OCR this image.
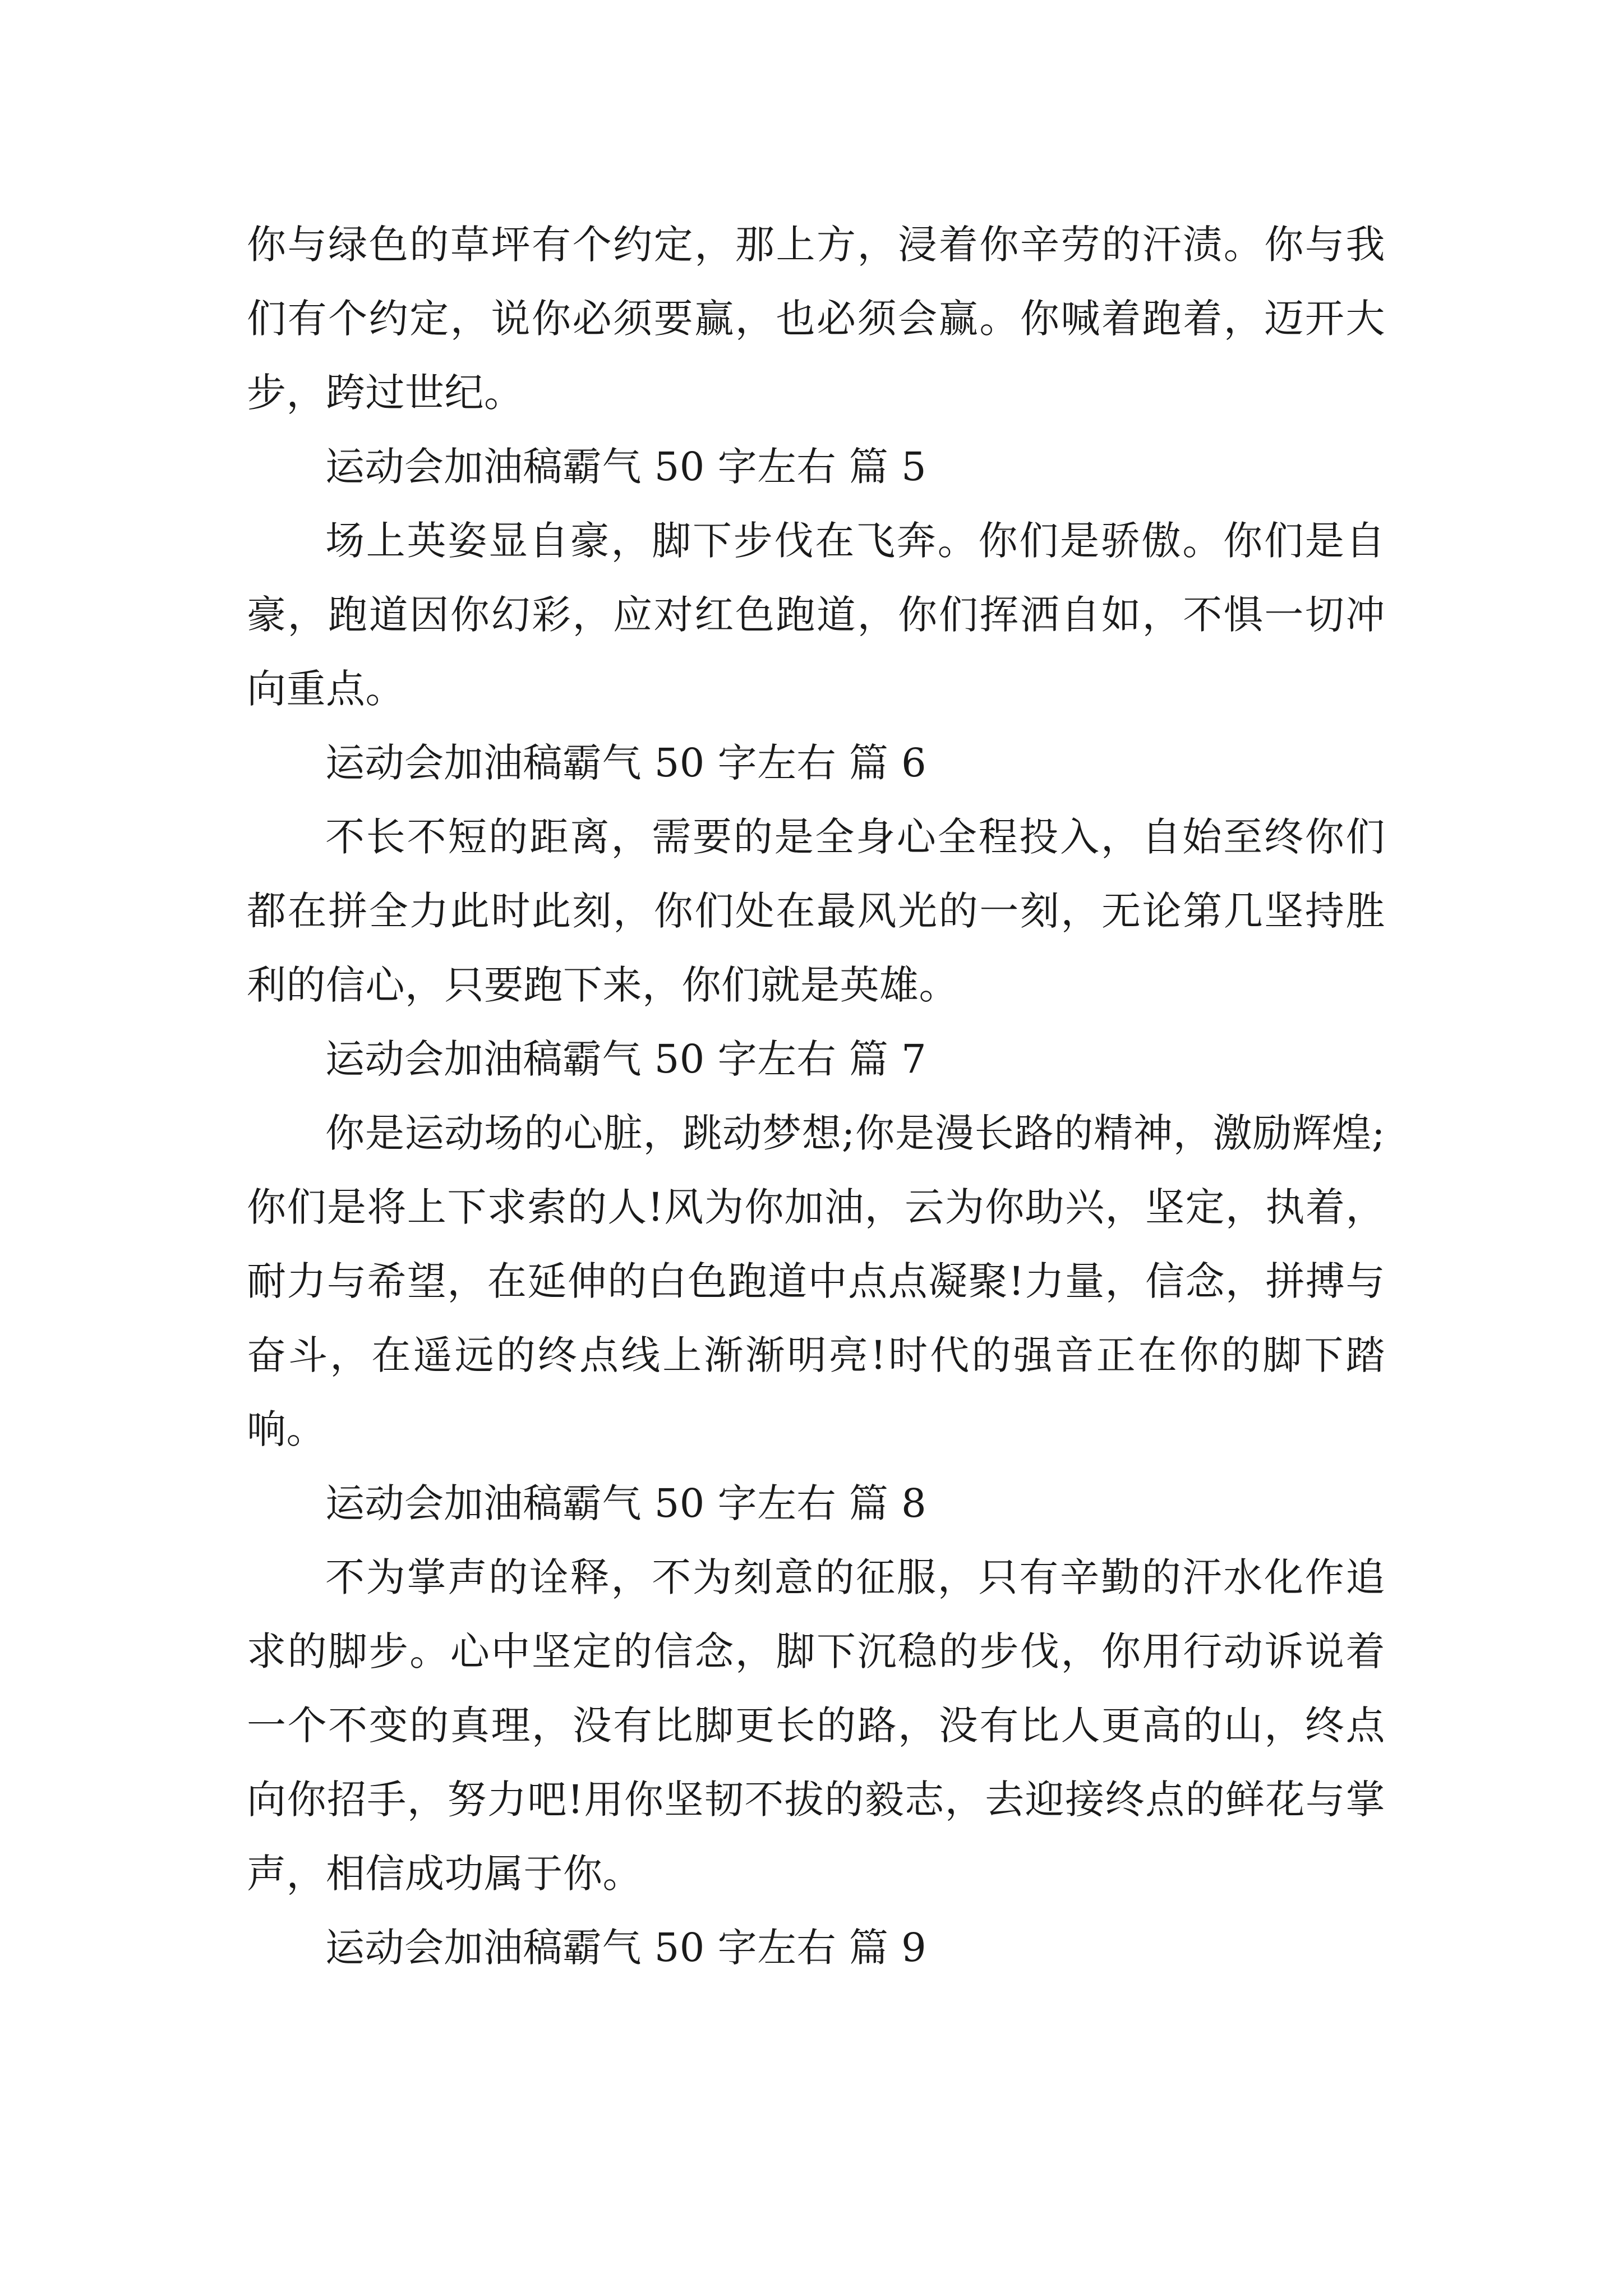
你与绿色的草坪有个约定，那上方，浸着你辛劳的汗渍。你与我们有个约定，说你必须要赢，也必须会赢。你喊着跑着，迈开大步，跨过世纪。

运动会加油稿霸气 50 字左右 篇 5

场上英姿显自豪，脚下步伐在飞奔。你们是骄傲。你们是自豪，跑道因你幻彩，应对红色跑道，你们挥洒自如，不惧一切冲向重点。

运动会加油稿霸气 50 字左右 篇 6

不长不短的距离，需要的是全身心全程投入，自始至终你们都在拼全力此时此刻，你们处在最风光的一刻，无论第几坚持胜利的信心，只要跑下来，你们就是英雄。

运动会加油稿霸气 50 字左右 篇 7

你是运动场的心脏，跳动梦想;你是漫长路的精神，激励辉煌;你们是将上下求索的人!风为你加油，云为你助兴，坚定，执着，耐力与希望，在延伸的白色跑道中点点凝聚!力量，信念，拼搏与奋斗，在遥远的终点线上渐渐明亮!时代的强音正在你的脚下踏响。

运动会加油稿霸气 50 字左右 篇 8

不为掌声的诠释，不为刻意的征服，只有辛勤的汗水化作追求的脚步。心中坚定的信念，脚下沉稳的步伐，你用行动诉说着一个不变的真理，没有比脚更长的路，没有比人更高的山，终点向你招手，努力吧!用你坚韧不拔的毅志，去迎接终点的鲜花与掌声，相信成功属于你。

运动会加油稿霸气 50 字左右 篇 9
